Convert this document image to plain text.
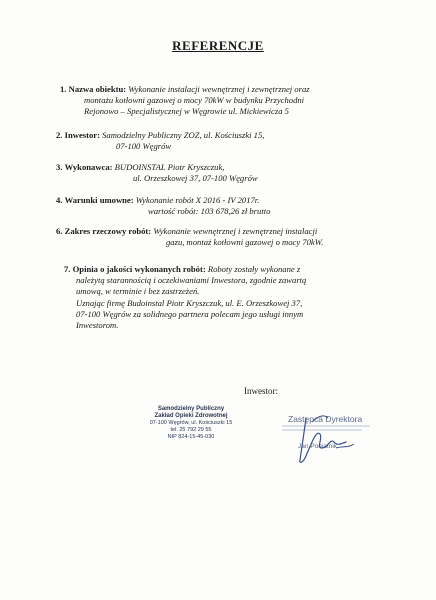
REFERENCJE
1. Nazwa obiektu: Wykonanie instalacji wewnętrznej i zewnętrznej oraz
montażu kotłowni gazowej o mocy 70kW w budynku Przychodni
Rejonowo – Specjalistycznej w Węgrowie ul. Mickiewicza 5
2. Inwestor: Samodzielny Publiczny ZOZ, ul. Kościuszki 15,
07-100 Węgrów
3. Wykonawca: BUDOINSTAL Piotr Kryszczuk,
ul. Orzeszkowej 37, 07-100 Węgrów
4. Warunki umowne: Wykonanie robót X 2016 - IV 2017r.
wartość robót: 103 678,26 zł brutto
6. Zakres rzeczowy robót: Wykonanie wewnętrznej i zewnętrznej instalacji
gazu, montaż kotłowni gazowej o mocy 70kW.
7. Opinia o jakości wykonanych robót: Roboty zostały wykonane z
należytą starannością i oczekiwaniami Inwestora, zgodnie zawartą
umową, w terminie i bez zastrzeżeń.
Uznając firmę Budoinstal Piotr Kryszczuk, ul. E. Orzeszkowej 37,
07-100 Węgrów za solidnego partnera polecam jego usługi innym
Inwestorom.
Inwestor:
Samodzielny Publiczny
Zakład Opieki Zdrowotnej
07-100 Węgrów, ul. Kościuszki 15
tel. 25 792 29 55
NIP 824-15-45-030
Zastępca Dyrektora
Jan Poniatnik
